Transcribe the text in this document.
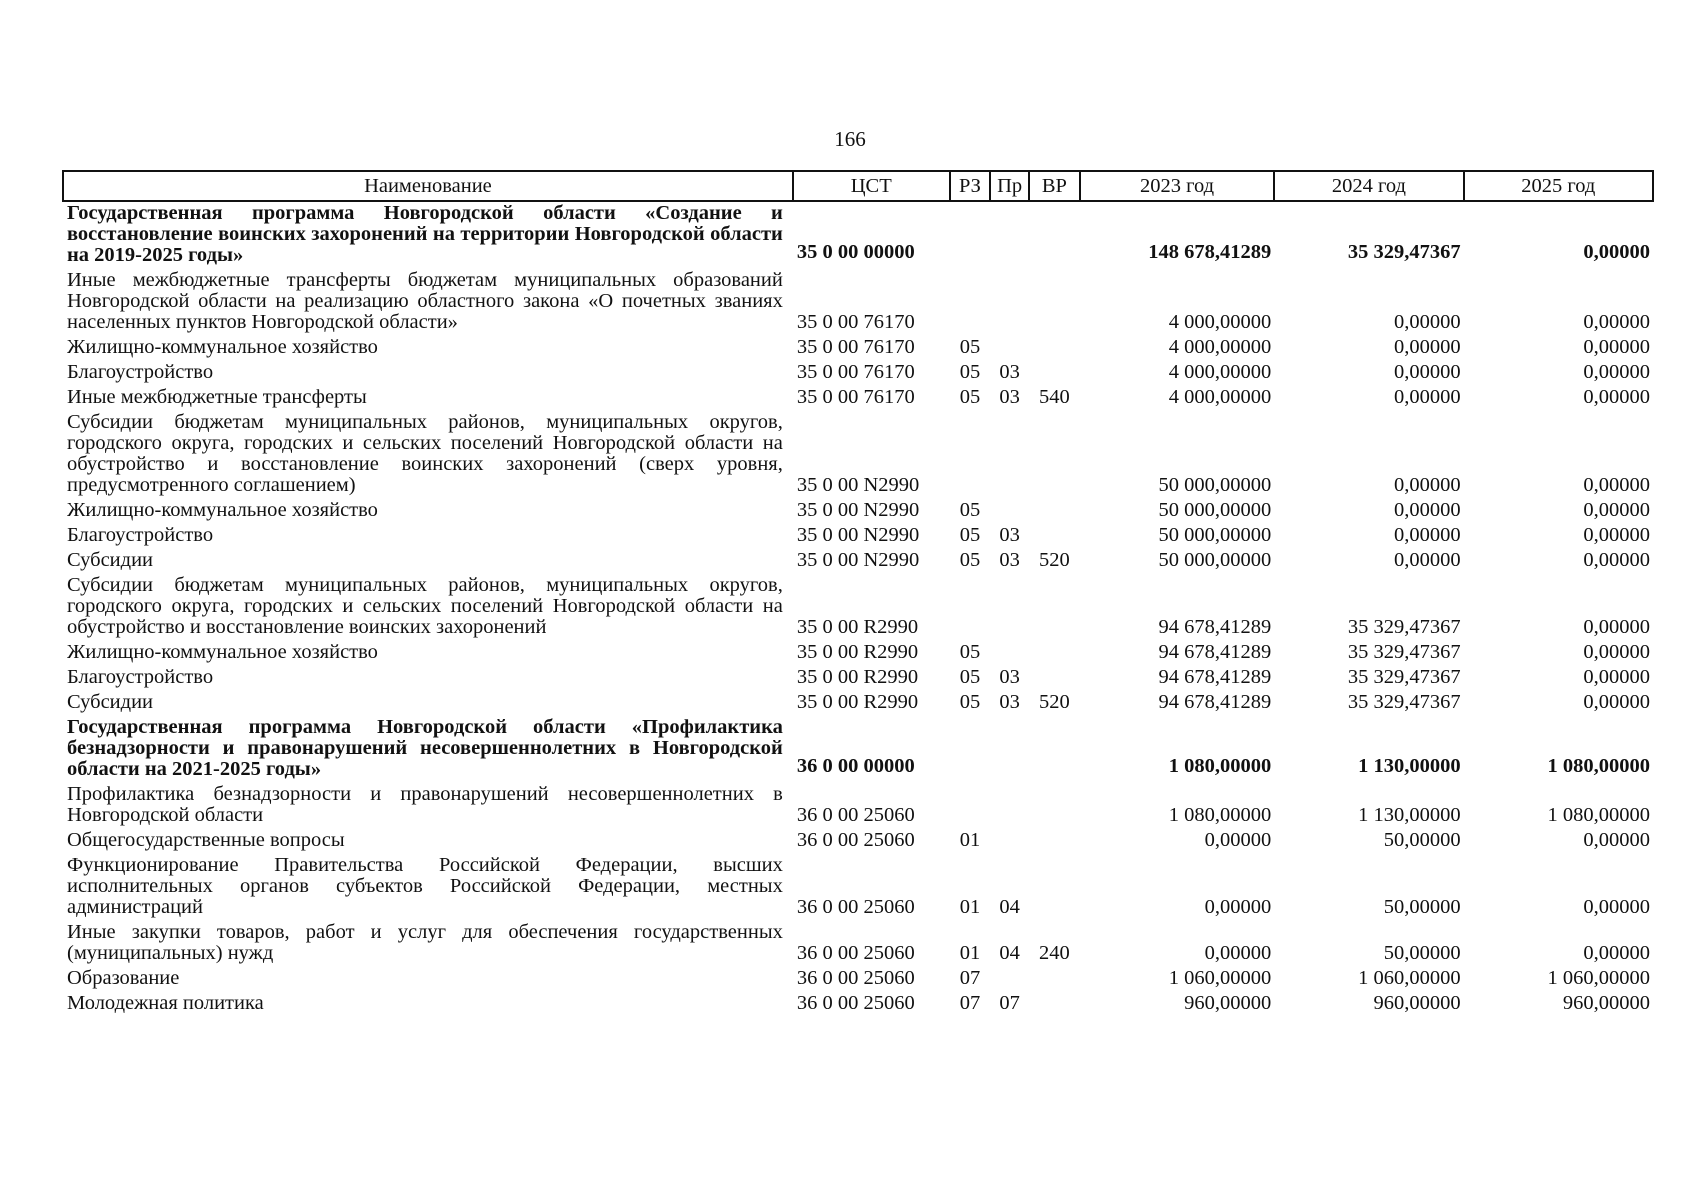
166
Наименование	ЦСТ	РЗ	Пр	ВР	2023 год	2024 год	2025 год
Государственная программа Новгородской области «Создание и восстановление воинских захоронений на территории Новгородской области на 2019-2025 годы»	35 0 00 00000				148 678,41289	35 329,47367	0,00000
Иные межбюджетные трансферты бюджетам муниципальных образований Новгородской области на реализацию областного закона «О почетных званиях населенных пунктов Новгородской области»	35 0 00 76170				4 000,00000	0,00000	0,00000
Жилищно-коммунальное хозяйство	35 0 00 76170	05			4 000,00000	0,00000	0,00000
Благоустройство	35 0 00 76170	05	03		4 000,00000	0,00000	0,00000
Иные межбюджетные трансферты	35 0 00 76170	05	03	540	4 000,00000	0,00000	0,00000
Субсидии бюджетам муниципальных районов, муниципальных округов, городского округа, городских и сельских поселений Новгородской области на обустройство и восстановление воинских захоронений (сверх уровня, предусмотренного соглашением)	35 0 00 N2990				50 000,00000	0,00000	0,00000
Жилищно-коммунальное хозяйство	35 0 00 N2990	05			50 000,00000	0,00000	0,00000
Благоустройство	35 0 00 N2990	05	03		50 000,00000	0,00000	0,00000
Субсидии	35 0 00 N2990	05	03	520	50 000,00000	0,00000	0,00000
Субсидии бюджетам муниципальных районов, муниципальных округов, городского округа, городских и сельских поселений Новгородской области на обустройство и восстановление воинских захоронений	35 0 00 R2990				94 678,41289	35 329,47367	0,00000
Жилищно-коммунальное хозяйство	35 0 00 R2990	05			94 678,41289	35 329,47367	0,00000
Благоустройство	35 0 00 R2990	05	03		94 678,41289	35 329,47367	0,00000
Субсидии	35 0 00 R2990	05	03	520	94 678,41289	35 329,47367	0,00000
Государственная программа Новгородской области «Профилактика безнадзорности и правонарушений несовершеннолетних в Новгородской области на 2021-2025 годы»	36 0 00 00000				1 080,00000	1 130,00000	1 080,00000
Профилактика безнадзорности и правонарушений несовершеннолетних в Новгородской области	36 0 00 25060				1 080,00000	1 130,00000	1 080,00000
Общегосударственные вопросы	36 0 00 25060	01			0,00000	50,00000	0,00000
Функционирование Правительства Российской Федерации, высших исполнительных органов субъектов Российской Федерации, местных администраций	36 0 00 25060	01	04		0,00000	50,00000	0,00000
Иные закупки товаров, работ и услуг для обеспечения государственных (муниципальных) нужд	36 0 00 25060	01	04	240	0,00000	50,00000	0,00000
Образование	36 0 00 25060	07			1 060,00000	1 060,00000	1 060,00000
Молодежная политика	36 0 00 25060	07	07		960,00000	960,00000	960,00000
